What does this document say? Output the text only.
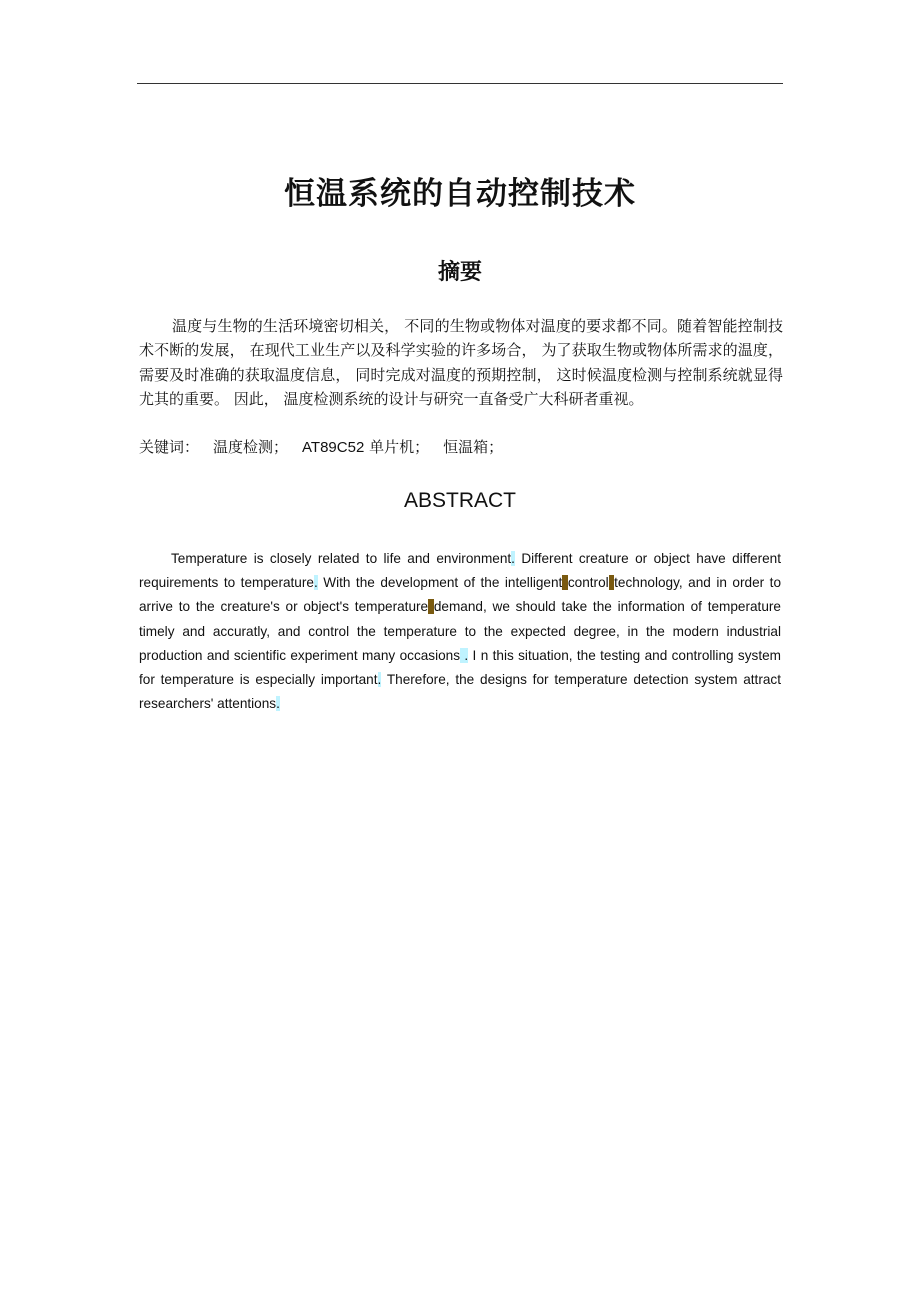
恒温系统的自动控制技术
摘要

温度与生物的生活环境密切相关， 不同的生物或物体对温度的要求都不同。随着智能控制技术不断的发展， 在现代工业生产以及科学实验的许多场合， 为了获取生物或物体所需求的温度， 需要及时准确的获取温度信息， 同时完成对温度的预期控制， 这时候温度检测与控制系统就显得尤其的重要。 因此， 温度检测系统的设计与研究一直备受广大科研者重视。

关键词： 温度检测； AT89C52 单片机； 恒温箱；

ABSTRACT

Temperature is closely related to life and environment. Different creature or object have different requirements to temperature. With the development of the intelligent control technology, and in order to arrive to the creature's or object's temperature demand, we should take the information of temperature timely and accuratly, and control the temperature to the expected degree, in the modern industrial production and scientific experiment many occasions . I n this situation, the testing and controlling system for temperature is especially important. Therefore, the designs for temperature detection system attract researchers' attentions.
